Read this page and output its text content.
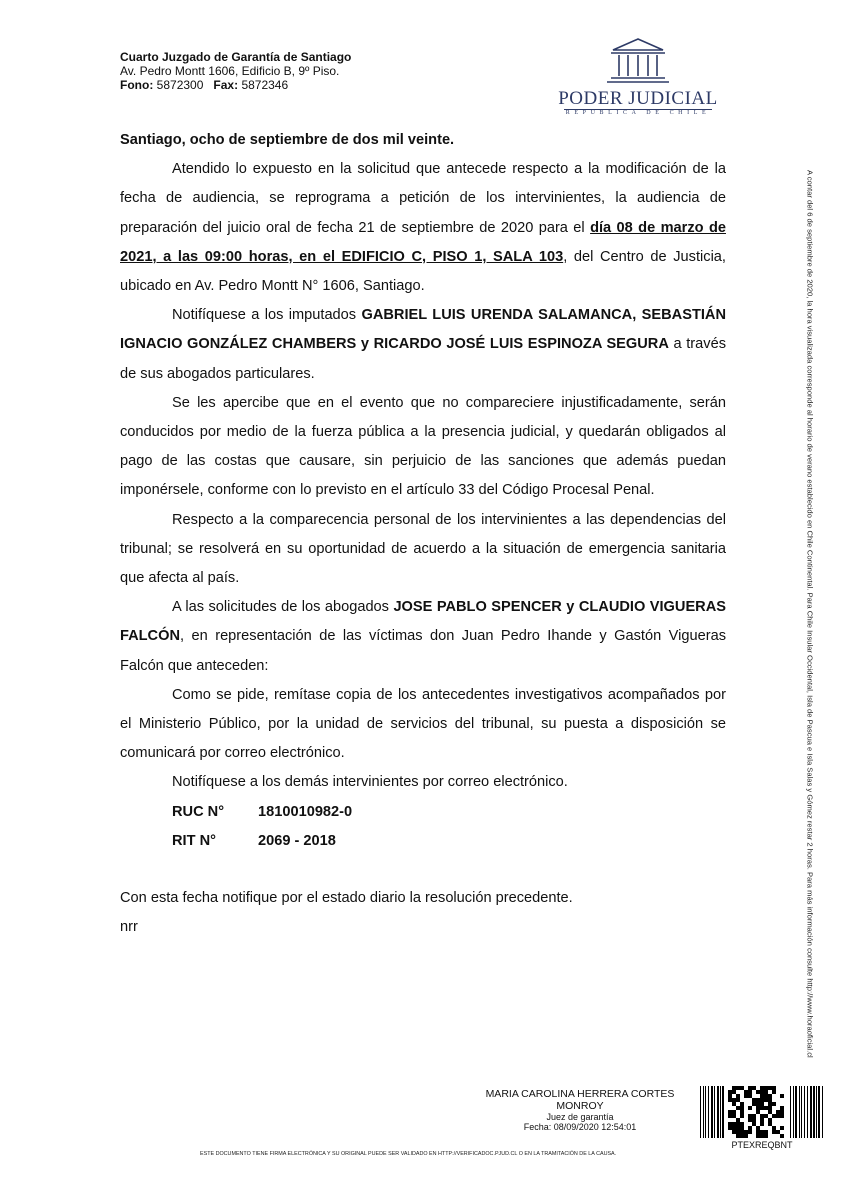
Cuarto Juzgado de Garantía de Santiago
Av. Pedro Montt 1606, Edificio B, 9º Piso.
Fono: 5872300 Fax: 5872346
PODER JUDICIAL
REPUBLICA DE CHILE

Santiago, ocho de septiembre de dos mil veinte.

Atendido lo expuesto en la solicitud que antecede respecto a la modificación de la fecha de audiencia, se reprograma a petición de los intervinientes, la audiencia de preparación del juicio oral de fecha 21 de septiembre de 2020 para el día 08 de marzo de 2021, a las 09:00 horas, en el EDIFICIO C, PISO 1, SALA 103, del Centro de Justicia, ubicado en Av. Pedro Montt N° 1606, Santiago.

Notifíquese a los imputados GABRIEL LUIS URENDA SALAMANCA, SEBASTIÁN IGNACIO GONZÁLEZ CHAMBERS y RICARDO JOSÉ LUIS ESPINOZA SEGURA a través de sus abogados particulares.

Se les apercibe que en el evento que no compareciere injustificadamente, serán conducidos por medio de la fuerza pública a la presencia judicial, y quedarán obligados al pago de las costas que causare, sin perjuicio de las sanciones que además puedan imponérsele, conforme con lo previsto en el artículo 33 del Código Procesal Penal.

Respecto a la comparecencia personal de los intervinientes a las dependencias del tribunal; se resolverá en su oportunidad de acuerdo a la situación de emergencia sanitaria que afecta al país.

A las solicitudes de los abogados JOSE PABLO SPENCER y CLAUDIO VIGUERAS FALCÓN, en representación de las víctimas don Juan Pedro Ihande y Gastón Vigueras Falcón que anteceden:

Como se pide, remítase copia de los antecedentes investigativos acompañados por el Ministerio Público, por la unidad de servicios del tribunal, su puesta a disposición se comunicará por correo electrónico.

Notifíquese a los demás intervinientes por correo electrónico.

RUC N° 1810010982-0
RIT N°	2069 - 2018

Con esta fecha notifique por el estado diario la resolución precedente.

nrr	A contar del 6 de septiembre de 2020, la hora visualizada corresponde al horario de verano establecido en Chile Continental. Para Chile Insular Occidental, Isla de Pascua e Isla Salas y Gómez restar 2 horas. Para más información consulte http://www.horaoficial.cl
MARIA CAROLINA HERRERA CORTES
MONROY
Juez de garantía
Fecha: 08/09/2020 12:54:01
PTEXREQBNT
ESTE DOCUMENTO TIENE FIRMA ELECTRÓNICA Y SU ORIGINAL PUEDE SER VALIDADO EN HTTP://VERIFICADOC.PJUD.CL O EN LA TRAMITACIÓN DE LA CAUSA.
